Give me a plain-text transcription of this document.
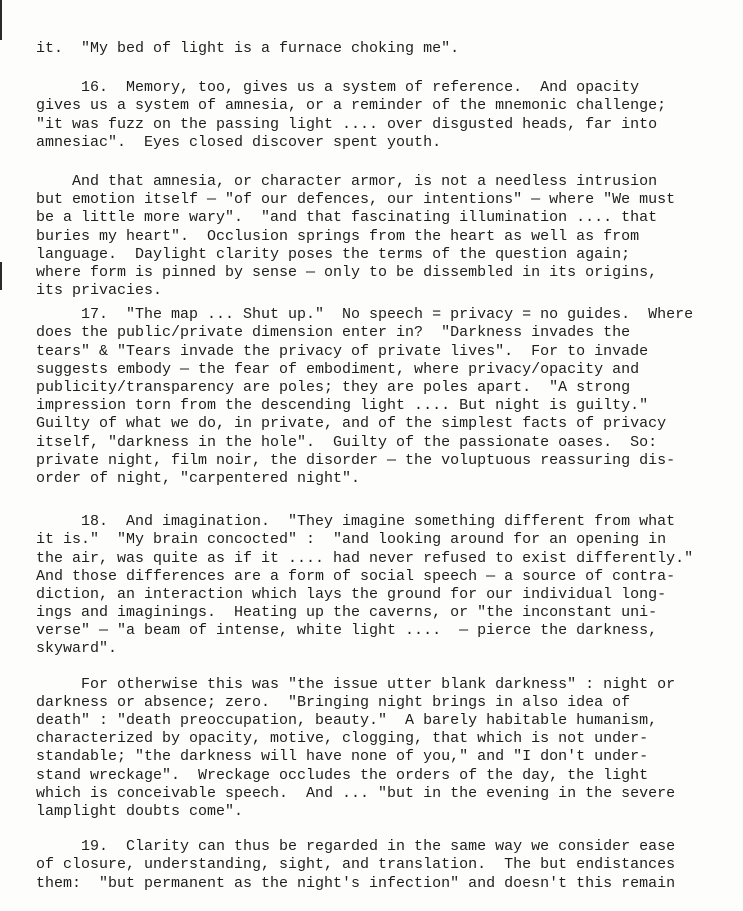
it.  "My bed of light is a furnace choking me".
16.  Memory, too, gives us a system of reference.  And opacity
gives us a system of amnesia, or a reminder of the mnemonic challenge;
"it was fuzz on the passing light .... over disgusted heads, far into
amnesiac".  Eyes closed discover spent youth.
And that amnesia, or character armor, is not a needless intrusion
but emotion itself — "of our defences, our intentions" — where "We must
be a little more wary".  "and that fascinating illumination .... that
buries my heart".  Occlusion springs from the heart as well as from
language.  Daylight clarity poses the terms of the question again;
where form is pinned by sense — only to be dissembled in its origins,
its privacies.
17.  "The map ... Shut up."  No speech = privacy = no guides.  Where
does the public/private dimension enter in?  "Darkness invades the
tears" & "Tears invade the privacy of private lives".  For to invade
suggests embody — the fear of embodiment, where privacy/opacity and
publicity/transparency are poles; they are poles apart.  "A strong
impression torn from the descending light .... But night is guilty."
Guilty of what we do, in private, and of the simplest facts of privacy
itself, "darkness in the hole".  Guilty of the passionate oases.  So:
private night, film noir, the disorder — the voluptuous reassuring dis-
order of night, "carpentered night".
18.  And imagination.  "They imagine something different from what
it is."  "My brain concocted" :  "and looking around for an opening in
the air, was quite as if it .... had never refused to exist differently."
And those differences are a form of social speech — a source of contra-
diction, an interaction which lays the ground for our individual long-
ings and imaginings.  Heating up the caverns, or "the inconstant uni-
verse" — "a beam of intense, white light ....  — pierce the darkness,
skyward".
For otherwise this was "the issue utter blank darkness" : night or
darkness or absence; zero.  "Bringing night brings in also idea of
death" : "death preoccupation, beauty."  A barely habitable humanism,
characterized by opacity, motive, clogging, that which is not under-
standable; "the darkness will have none of you," and "I don't under-
stand wreckage".  Wreckage occludes the orders of the day, the light
which is conceivable speech.  And ... "but in the evening in the severe
lamplight doubts come".
19.  Clarity can thus be regarded in the same way we consider ease
of closure, understanding, sight, and translation.  The but endistances
them:  "but permanent as the night's infection" and doesn't this remain
